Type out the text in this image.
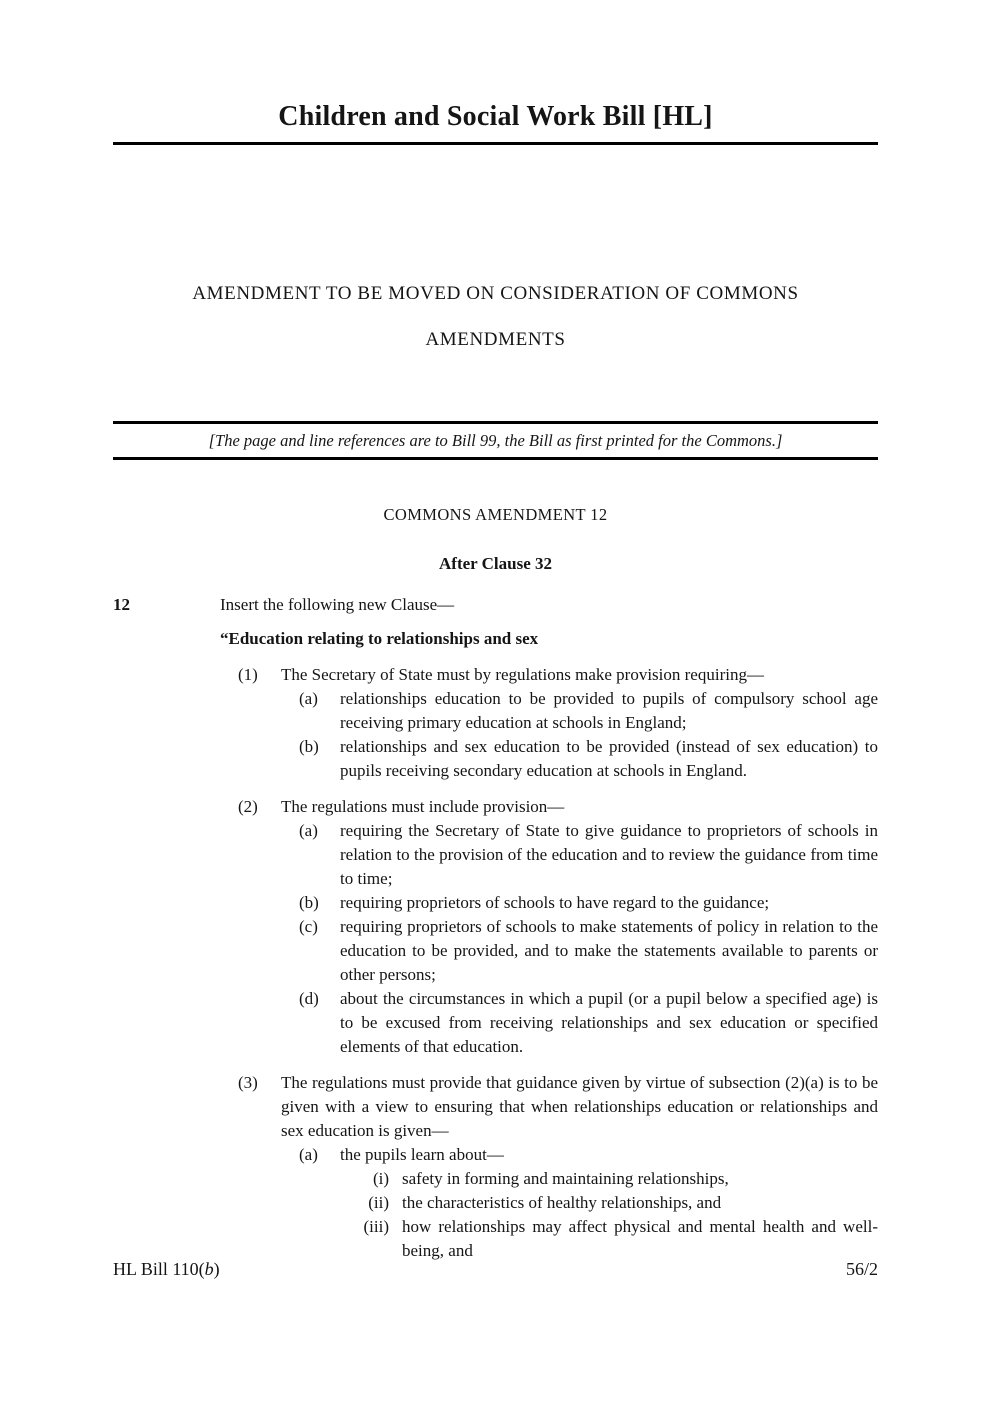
Children and Social Work Bill [HL]
AMENDMENT TO BE MOVED ON CONSIDERATION OF COMMONS
AMENDMENTS
[The page and line references are to Bill 99, the Bill as first printed for the Commons.]
COMMONS AMENDMENT 12
After Clause 32
12	Insert the following new Clause—

“Education relating to relationships and sex

(1)	The Secretary of State must by regulations make provision requiring—
(a)	relationships education to be provided to pupils of compulsory school age receiving primary education at schools in England;
(b)	relationships and sex education to be provided (instead of sex education) to pupils receiving secondary education at schools in England.
(2)	The regulations must include provision—
(a)	requiring the Secretary of State to give guidance to proprietors of schools in relation to the provision of the education and to review the guidance from time to time;
(b)	requiring proprietors of schools to have regard to the guidance;
(c)	requiring proprietors of schools to make statements of policy in relation to the education to be provided, and to make the statements available to parents or other persons;
(d)	about the circumstances in which a pupil (or a pupil below a specified age) is to be excused from receiving relationships and sex education or specified elements of that education.
(3)	The regulations must provide that guidance given by virtue of subsection (2)(a) is to be given with a view to ensuring that when relationships education or relationships and sex education is given—
(a)	the pupils learn about—
(i) safety in forming and maintaining relationships,
(ii) the characteristics of healthy relationships, and
(iii) how relationships may affect physical and mental health and well-being, and
HL Bill 110(b)	56/2
